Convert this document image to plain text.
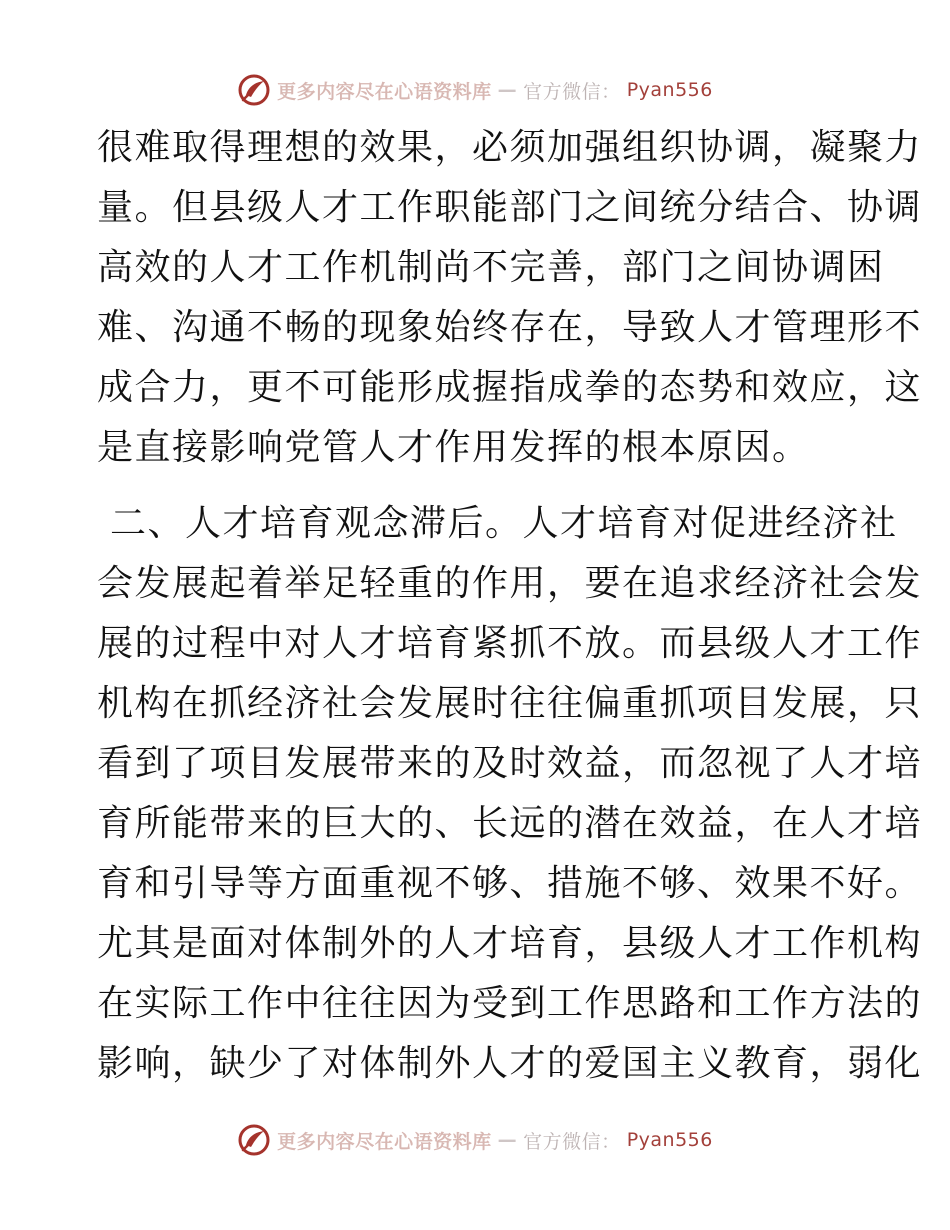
更多内容尽在心语资料库 — 官方微信： Pyan556

很难取得理想的效果，必须加强组织协调，凝聚力
量。但县级人才工作职能部门之间统分结合、协调
高效的人才工作机制尚不完善，部门之间协调困
难、沟通不畅的现象始终存在，导致人才管理形不
成合力，更不可能形成握指成拳的态势和效应，这
是直接影响党管人才作用发挥的根本原因。

二、人才培育观念滞后。人才培育对促进经济社
会发展起着举足轻重的作用，要在追求经济社会发
展的过程中对人才培育紧抓不放。而县级人才工作
机构在抓经济社会发展时往往偏重抓项目发展，只
看到了项目发展带来的及时效益，而忽视了人才培
育所能带来的巨大的、长远的潜在效益，在人才培
育和引导等方面重视不够、措施不够、效果不好。
尤其是面对体制外的人才培育，县级人才工作机构
在实际工作中往往因为受到工作思路和工作方法的
影响，缺少了对体制外人才的爱国主义教育，弱化

更多内容尽在心语资料库 — 官方微信： Pyan556
